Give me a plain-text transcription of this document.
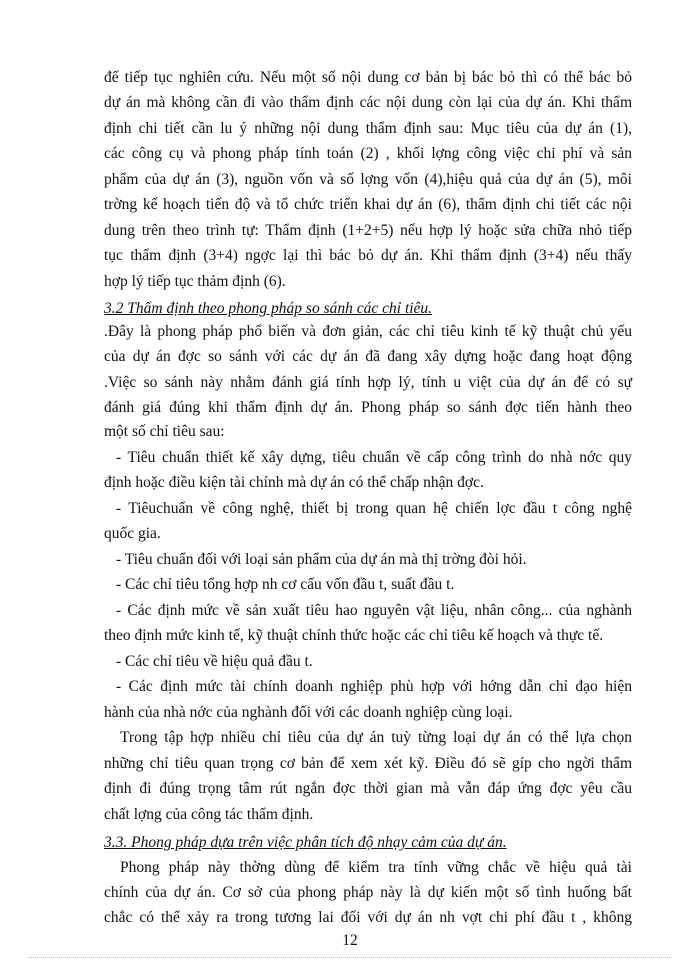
để tiếp tục nghiên cứu. Nếu một số nội dung cơ bản bị bác bỏ thì có thể bác bỏ
dự án mà không cần đi vào thẩm định các nội dung còn lại của dự án. Khi thẩm
định chi tiết cần lu ý những nội dung thẩm định sau: Mục tiêu của dự án (1),
các công cụ và phong pháp tính toán (2) , khối lợng công việc chi phí và sản
phẩm của dự án (3), nguồn vốn và số lợng vốn (4),hiệu quả của dự án (5), môi
trờng kế hoạch tiến độ và tổ chức triển khai dự án (6), thẩm định chi tiết các nội
dung trên theo trình tự: Thẩm định (1+2+5) nếu hợp lý hoặc sửa chữa nhỏ tiếp
tục thẩm định (3+4) ngợc lại thì bác bỏ dự án. Khi thẩm định (3+4) nếu thấy
hợp lý tiếp tục thảm định (6).
3.2 Thẩm định theo phong pháp so sánh các chỉ tiêu.
.Đây là phong pháp phổ biến và đơn giản, các chỉ tiêu kinh tế kỹ thuật chủ yếu
của dự án đợc so sánh với các dự án đã đang xây dựng hoặc đang hoạt động
.Việc so sánh này nhằm đánh giá tính hợp lý, tính u việt của dự án để có sự
đánh giá đúng khi thẩm định dự án. Phong pháp so sánh đợc tiến hành theo
một số chỉ tiêu sau:
- Tiêu chuẩn thiết kế xây dựng, tiêu chuẩn về cấp công trình do nhà nớc quy
định hoặc điều kiện tài chính mà dự án có thể chấp nhận đợc.
- Tiêuchuẩn về công nghệ, thiết bị trong quan hệ chiến lợc đầu t công nghệ
quốc gia.
- Tiêu chuẩn đối với loại sản phẩm của dự án mà thị trờng đòi hỏi.
- Các chỉ tiêu tổng hợp nh cơ cấu vốn đầu t, suất đầu t.
- Các định mức về sản xuất tiêu hao nguyên vật liệu, nhân công... của nghành
theo định mức kinh tế, kỹ thuật chính thức hoặc các chỉ tiêu kế hoạch và thực tế.
- Các chỉ tiêu về hiệu quả đầu t.
- Các định mức tài chính doanh nghiệp phù hợp với hớng dẫn chỉ đạo hiện
hành của nhà nớc của nghành đối với các doanh nghiệp cùng loại.
Trong tập hợp nhiều chỉ tiêu của dự án tuỳ từng loại dự án có thể lựa chọn
những chỉ tiêu quan trọng cơ bản để xem xét kỹ. Điều đó sẽ gíp cho ngời thẩm
định đi đúng trọng tâm rút ngắn đợc thời gian mà vẫn đáp ứng đợc yêu cầu
chất lợng của công tác thẩm định.
3.3. Phong pháp dựa trên việc phân tích độ nhạy cảm của dự án.
Phong pháp này thờng dùng để kiểm tra tính vững chắc về hiệu quả tài
chính của dự án. Cơ sở của phong pháp này là dự kiến một số tình huống bất
chắc có thể xảy ra trong tương lai đối với dự án nh vợt chi phí đầu t , không
12
